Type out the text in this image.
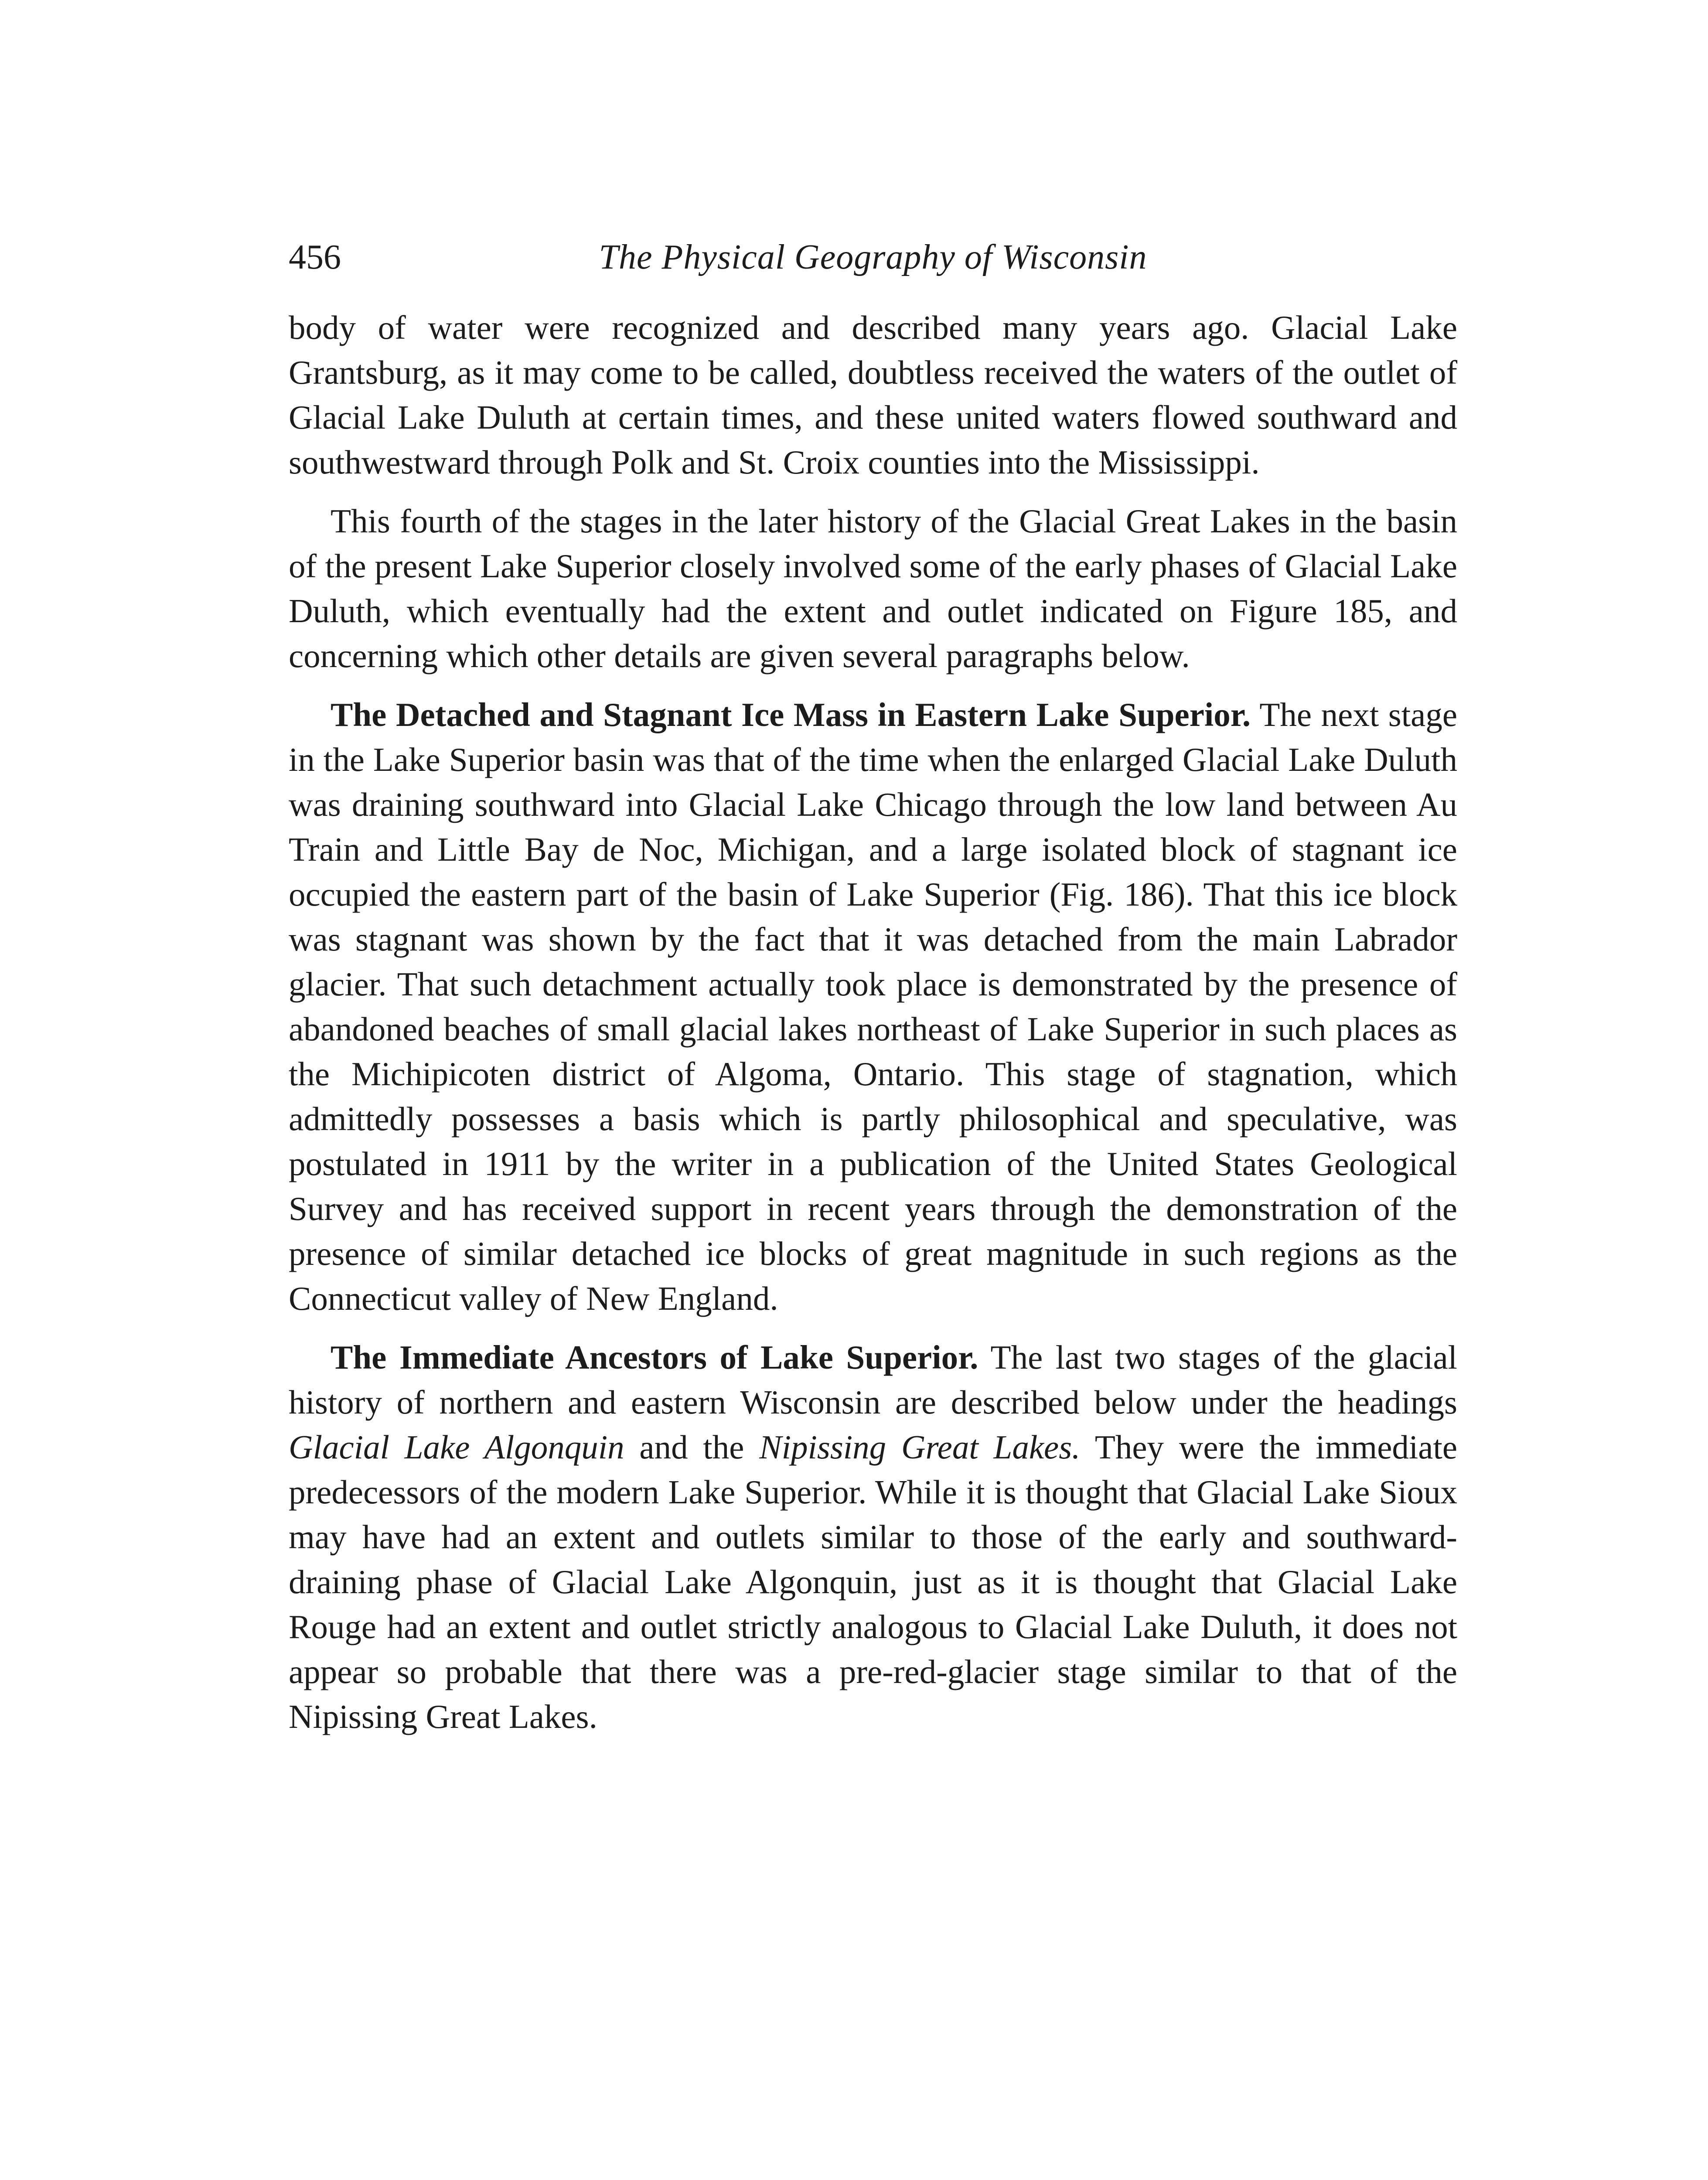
456	The Physical Geography of Wisconsin

body of water were recognized and described many years ago. Glacial Lake Grantsburg, as it may come to be called, doubtless received the waters of the outlet of Glacial Lake Duluth at certain times, and these united waters flowed southward and southwestward through Polk and St. Croix counties into the Mississippi.

This fourth of the stages in the later history of the Glacial Great Lakes in the basin of the present Lake Superior closely involved some of the early phases of Glacial Lake Duluth, which eventually had the extent and outlet indicated on Figure 185, and concerning which other details are given several paragraphs below.

The Detached and Stagnant Ice Mass in Eastern Lake Superior. The next stage in the Lake Superior basin was that of the time when the enlarged Glacial Lake Duluth was draining southward into Glacial Lake Chicago through the low land between Au Train and Little Bay de Noc, Michigan, and a large isolated block of stagnant ice occupied the eastern part of the basin of Lake Superior (Fig. 186). That this ice block was stagnant was shown by the fact that it was detached from the main Labrador glacier. That such detachment actually took place is demonstrated by the presence of abandoned beaches of small glacial lakes northeast of Lake Superior in such places as the Michipicoten district of Algoma, Ontario. This stage of stagnation, which admittedly possesses a basis which is partly philosophical and speculative, was postulated in 1911 by the writer in a publication of the United States Geological Survey and has received support in recent years through the demonstration of the presence of similar detached ice blocks of great magnitude in such regions as the Connecticut valley of New England.

The Immediate Ancestors of Lake Superior. The last two stages of the glacial history of northern and eastern Wisconsin are described below under the headings Glacial Lake Algonquin and the Nipissing Great Lakes. They were the immediate predecessors of the modern Lake Superior. While it is thought that Glacial Lake Sioux may have had an extent and outlets similar to those of the early and southward-draining phase of Glacial Lake Algonquin, just as it is thought that Glacial Lake Rouge had an extent and outlet strictly analogous to Glacial Lake Duluth, it does not appear so probable that there was a pre-red-glacier stage similar to that of the Nipissing Great Lakes.
